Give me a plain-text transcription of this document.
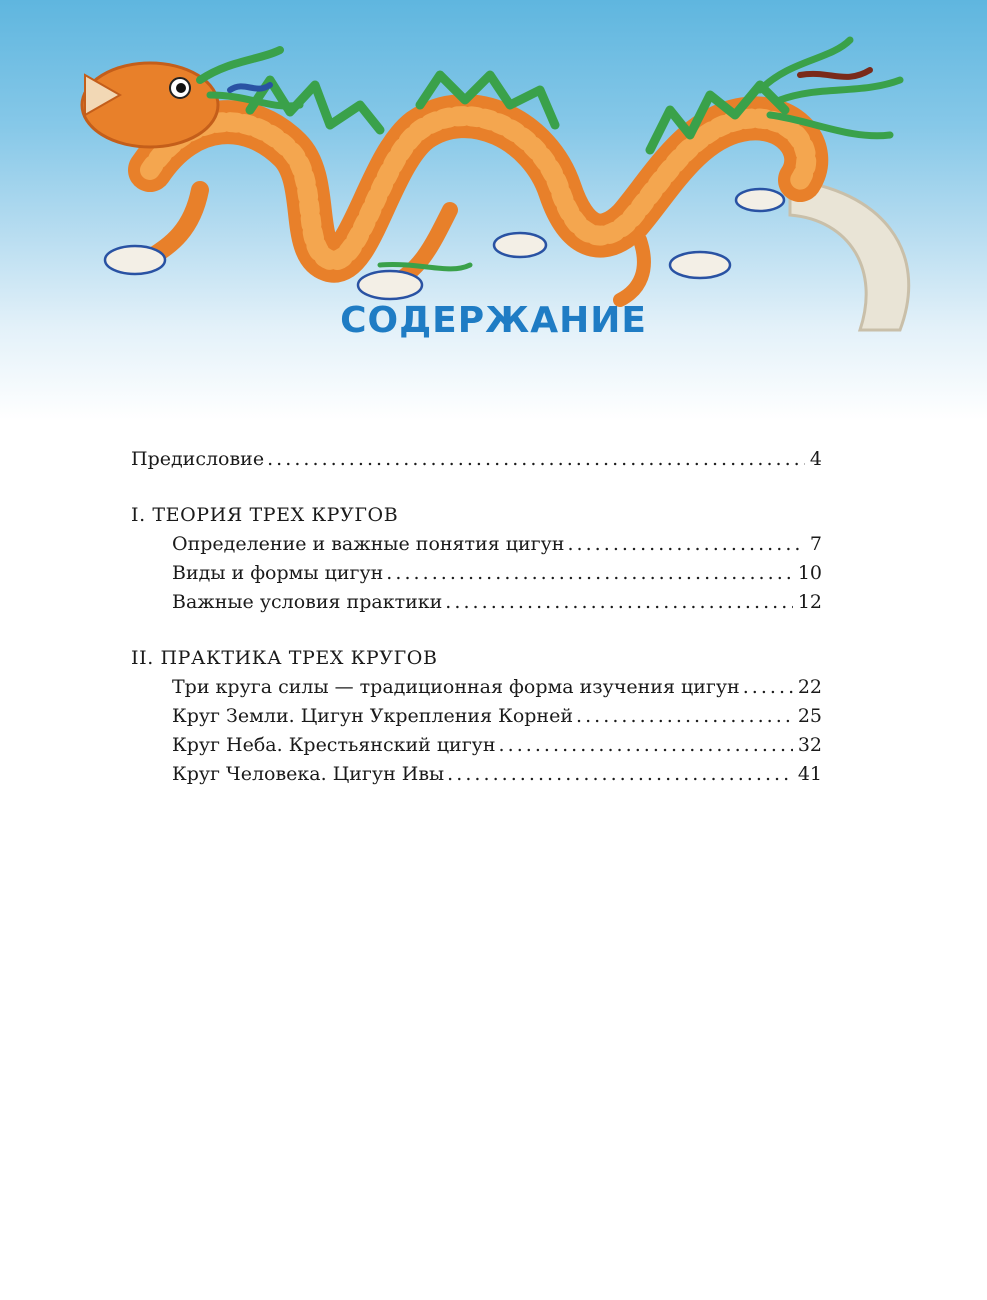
СОДЕРЖАНИЕ
Предисловие . . .	4
I. ТЕОРИЯ ТРЕХ КРУГОВ
Определение и важные понятия цигун . . .	7
Виды и формы цигун . . .	10
Важные условия практики . . .	12
II. ПРАКТИКА ТРЕХ КРУГОВ
Три круга силы — традиционная форма изучения цигун . . .	22
Круг Земли. Цигун Укрепления Корней . . .	25
Круг Неба. Крестьянский цигун . . .	32
Круг Человека. Цигун Ивы . . .	41
